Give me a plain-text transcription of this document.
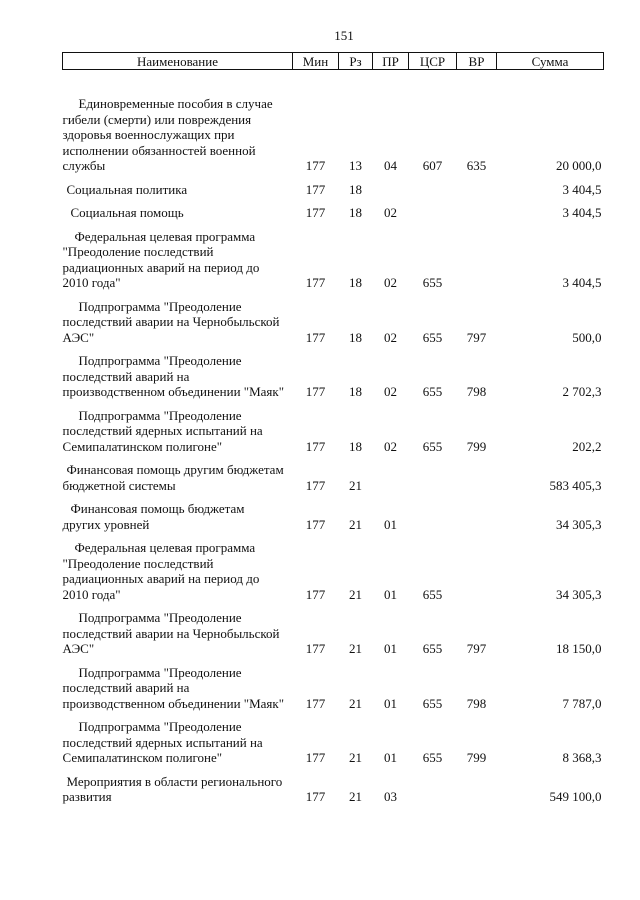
151
Наименование	Мин	Рз	ПР	ЦСР	ВР	Сумма

Единовременные пособия в случае гибели (смерти) или повреждения здоровья военнослужащих при исполнении обязанностей военной службы	177	13	04	607	635	20 000,0
Социальная политика	177	18				3 404,5
Социальная помощь	177	18	02			3 404,5
Федеральная целевая программа "Преодоление последствий радиационных аварий на период до 2010 года"	177	18	02	655		3 404,5
Подпрограмма "Преодоление последствий аварии на Чернобыльской АЭС"	177	18	02	655	797	500,0
Подпрограмма "Преодоление последствий аварий на производственном объединении "Маяк"	177	18	02	655	798	2 702,3
Подпрограмма "Преодоление последствий ядерных испытаний на Семипалатинском полигоне"	177	18	02	655	799	202,2
Финансовая помощь другим бюджетам бюджетной системы	177	21				583 405,3
Финансовая помощь бюджетам других уровней	177	21	01			34 305,3
Федеральная целевая программа "Преодоление последствий радиационных аварий на период до 2010 года"	177	21	01	655		34 305,3
Подпрограмма "Преодоление последствий аварии на Чернобыльской АЭС"	177	21	01	655	797	18 150,0
Подпрограмма "Преодоление последствий аварий на производственном объединении "Маяк"	177	21	01	655	798	7 787,0
Подпрограмма "Преодоление последствий ядерных испытаний на Семипалатинском полигоне"	177	21	01	655	799	8 368,3
Мероприятия в области регионального развития	177	21	03			549 100,0
